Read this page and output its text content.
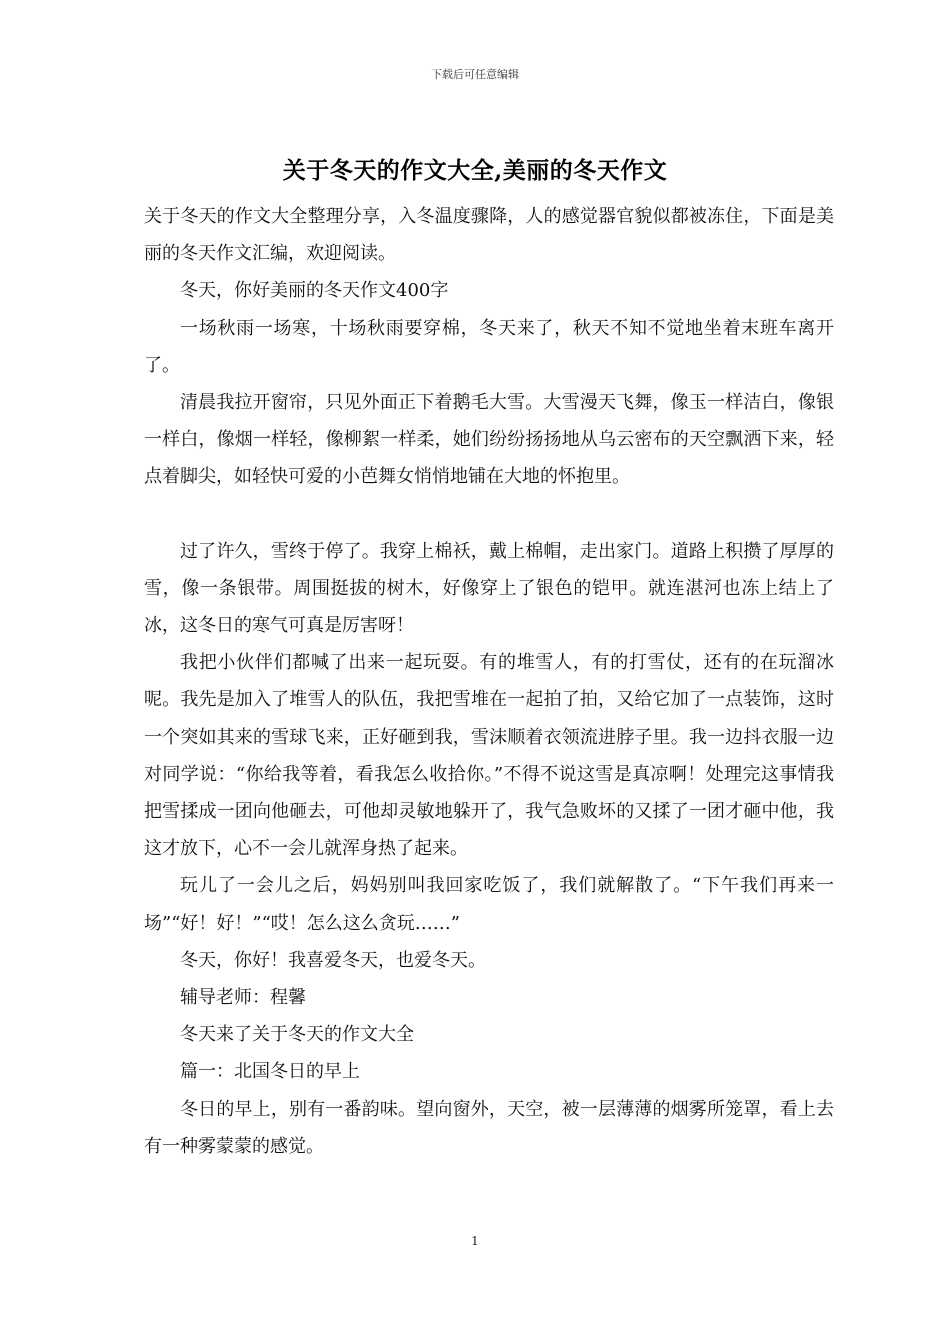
下载后可任意编辑
关于冬天的作文大全,美丽的冬天作文

关于冬天的作文大全整理分享，入冬温度骤降，人的感觉器官貌似都被冻住，下面是美丽的冬天作文汇编，欢迎阅读。

冬天，你好美丽的冬天作文400字

一场秋雨一场寒，十场秋雨要穿棉，冬天来了，秋天不知不觉地坐着末班车离开了。

清晨我拉开窗帘，只见外面正下着鹅毛大雪。大雪漫天飞舞，像玉一样洁白，像银一样白，像烟一样轻，像柳絮一样柔，她们纷纷扬扬地从乌云密布的天空飘洒下来，轻点着脚尖，如轻快可爱的小芭舞女悄悄地铺在大地的怀抱里。

过了许久，雪终于停了。我穿上棉袄，戴上棉帽，走出家门。道路上积攒了厚厚的雪，像一条银带。周围挺拔的树木，好像穿上了银色的铠甲。就连湛河也冻上结上了冰，这冬日的寒气可真是厉害呀！

我把小伙伴们都喊了出来一起玩耍。有的堆雪人，有的打雪仗，还有的在玩溜冰呢。我先是加入了堆雪人的队伍，我把雪堆在一起拍了拍，又给它加了一点装饰，这时一个突如其来的雪球飞来，正好砸到我，雪沫顺着衣领流进脖子里。我一边抖衣服一边对同学说：“你给我等着，看我怎么收拾你。”不得不说这雪是真凉啊！处理完这事情我把雪揉成一团向他砸去，可他却灵敏地躲开了，我气急败坏的又揉了一团才砸中他，我这才放下，心不一会儿就浑身热了起来。

玩儿了一会儿之后，妈妈别叫我回家吃饭了，我们就解散了。“下午我们再来一场”“好！好！”“哎！怎么这么贪玩……”

冬天，你好！我喜爱冬天，也爱冬天。

辅导老师：程馨

冬天来了关于冬天的作文大全

篇一：北国冬日的早上

冬日的早上，别有一番韵味。望向窗外，天空，被一层薄薄的烟雾所笼罩，看上去有一种雾蒙蒙的感觉。

1
